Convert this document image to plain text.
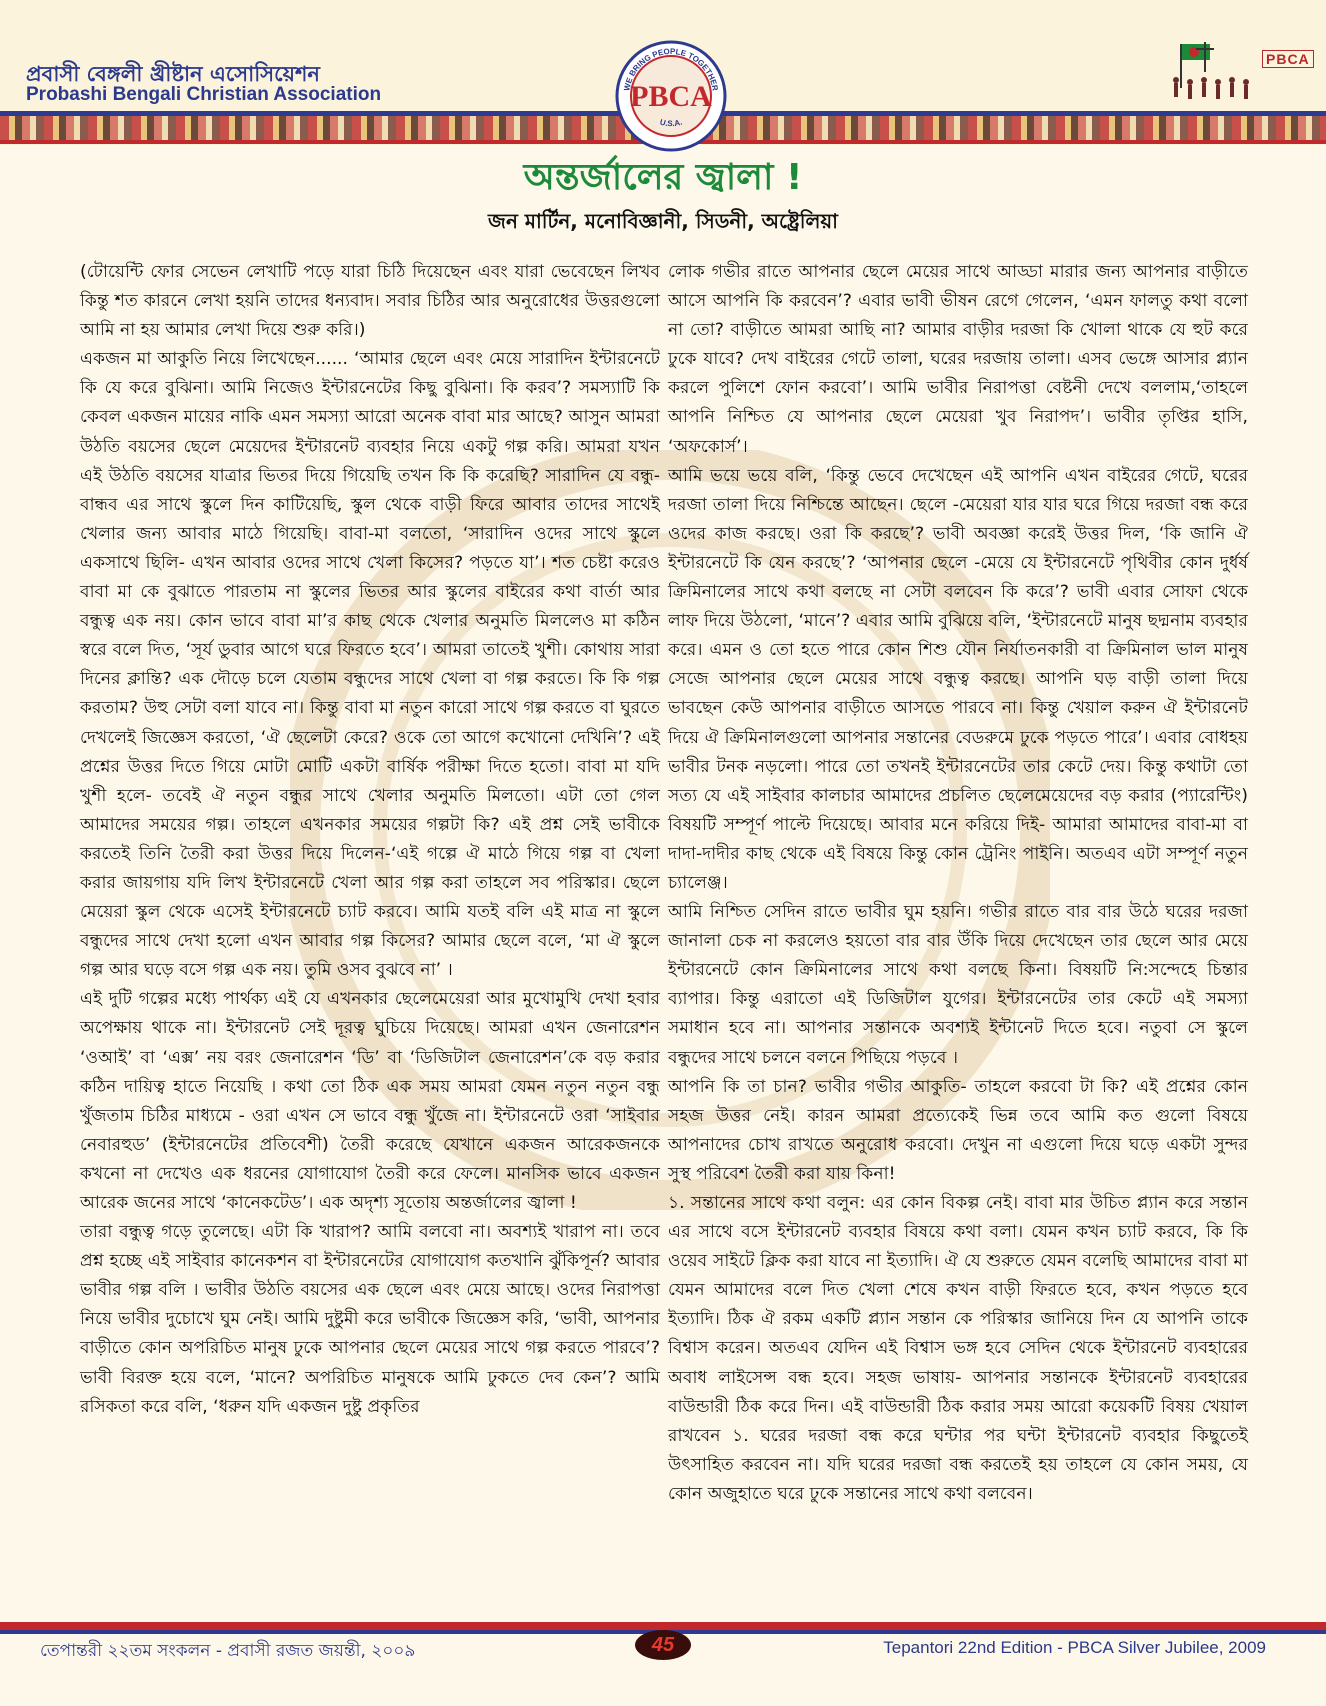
প্রবাসী বেঙ্গলী খ্রীষ্টান এসোসিয়েশন
Probashi Bengali Christian Association	WE BRING PEOPLE TOGETHER
PBCA
U.S.A.
PBCA
অন্তর্জালের জ্বালা !
জন মার্টিন, মনোবিজ্ঞানী, সিডনী, অষ্ট্রেলিয়া

(টোয়েন্টি ফোর সেভেন লেখাটি পড়ে যারা চিঠি দিয়েছেন এবং যারা ভেবেছেন লিখব কিন্তু শত কারনে লেখা হয়নি তাদের ধন্যবাদ। সবার চিঠির আর অনুরোধের উত্তরগুলো আমি না হয় আমার লেখা দিয়ে শুরু করি।)

একজন মা আকুতি নিয়ে লিখেছেন...... ‘আমার ছেলে এবং মেয়ে সারাদিন ইন্টারনেটে কি যে করে বুঝিনা। আমি নিজেও ইন্টারনেটের কিছু বুঝিনা। কি করব’? সমস্যাটি কি কেবল একজন মায়ের নাকি এমন সমস্যা আরো অনেক বাবা মার আছে? আসুন আমরা উঠতি বয়সের ছেলে মেয়েদের ইন্টারনেট ব্যবহার নিয়ে একটু গল্প করি। আমরা যখন এই উঠতি বয়সের যাত্রার ভিতর দিয়ে গিয়েছি তখন কি কি করেছি? সারাদিন যে বন্ধু-বান্ধব এর সাথে স্কুলে দিন কাটিয়েছি, স্কুল থেকে বাড়ী ফিরে আবার তাদের সাথেই খেলার জন্য আবার মাঠে গিয়েছি। বাবা-মা বলতো, ‘সারাদিন ওদের সাথে স্কুলে একসাথে ছিলি- এখন আবার ওদের সাথে খেলা কিসের? পড়তে যা’। শত চেষ্টা করেও বাবা মা কে বুঝাতে পারতাম না স্কুলের ভিতর আর স্কুলের বাইরের কথা বার্তা আর বন্ধুত্ব এক নয়। কোন ভাবে বাবা মা’র কাছ থেকে খেলার অনুমতি মিললেও মা কঠিন স্বরে বলে দিত, ‘সূর্য ডুবার আগে ঘরে ফিরতে হবে’। আমরা তাতেই খুশী। কোথায় সারা দিনের ক্লান্তি? এক দৌড়ে চলে যেতাম বন্ধুদের সাথে খেলা বা গল্প করতে। কি কি গল্প করতাম? উহু সেটা বলা যাবে না। কিন্তু বাবা মা নতুন কারো সাথে গল্প করতে বা ঘুরতে দেখলেই জিজ্ঞেস করতো, ‘ঐ ছেলেটা কেরে? ওকে তো আগে কখোনো দেখিনি’? এই প্রশ্নের উত্তর দিতে গিয়ে মোটা মোটি একটা বার্ষিক পরীক্ষা দিতে হতো। বাবা মা যদি খুশী হলে- তবেই ঐ নতুন বন্ধুর সাথে খেলার অনুমতি মিলতো। এটা তো গেল আমাদের সময়ের গল্প। তাহলে এখনকার সময়ের গল্পটা কি? এই প্রশ্ন সেই ভাবীকে করতেই তিনি তৈরী করা উত্তর দিয়ে দিলেন-‘এই গল্পে ঐ মাঠে গিয়ে গল্প বা খেলা করার জায়গায় যদি লিখ ইন্টারনেটে খেলা আর গল্প করা তাহলে সব পরিস্কার। ছেলে মেয়েরা স্কুল থেকে এসেই ইন্টারনেটে চ্যাট করবে। আমি যতই বলি এই মাত্র না স্কুলে বন্ধুদের সাথে দেখা হলো এখন আবার গল্প কিসের? আমার ছেলে বলে, ‘মা ঐ স্কুলে গল্প আর ঘড়ে বসে গল্প এক নয়। তুমি ওসব বুঝবে না’ ।

এই দুটি গল্পের মধ্যে পার্থক্য এই যে এখনকার ছেলেমেয়েরা আর মুখোমুখি দেখা হবার অপেক্ষায় থাকে না। ইন্টারনেট সেই দূরত্ব ঘুচিয়ে দিয়েছে। আমরা এখন জেনারেশন ‘ওআই’ বা ‘এক্স’ নয় বরং জেনারেশন ‘ডি’ বা ‘ডিজিটাল জেনারেশন’কে বড় করার কঠিন দায়িত্ব হাতে নিয়েছি । কথা তো ঠিক এক সময় আমরা যেমন নতুন নতুন বন্ধু খুঁজতাম চিঠির মাধ্যমে - ওরা এখন সে ভাবে বন্ধু খুঁজে না। ইন্টারনেটে ওরা ‘সাইবার নেবারহুড’ (ইন্টারনেটের প্রতিবেশী) তৈরী করেছে যেখানে একজন আরেকজনকে কখনো না দেখেও এক ধরনের যোগাযোগ তৈরী করে ফেলে। মানসিক ভাবে একজন আরেক জনের সাথে ‘কানেকটেড’। এক অদৃশ্য সূতোয় অন্তর্জালের জ্বালা !

তারা বন্ধুত্ব গড়ে তুলেছে। এটা কি খারাপ? আমি বলবো না। অবশ্যই খারাপ না। তবে প্রশ্ন হচ্ছে এই সাইবার কানেকশন বা ইন্টারনেটের যোগাযোগ কতখানি ঝুঁকিপূর্ন? আবার ভাবীর গল্প বলি । ভাবীর উঠতি বয়সের এক ছেলে এবং মেয়ে আছে। ওদের নিরাপত্তা নিয়ে ভাবীর দুচোখে ঘুম নেই। আমি দুষ্টুমী করে ভাবীকে জিজ্ঞেস করি, ‘ভাবী, আপনার বাড়ীতে কোন অপরিচিত মানুষ ঢুকে আপনার ছেলে মেয়ের সাথে গল্প করতে পারবে’? ভাবী বিরক্ত হয়ে বলে, ‘মানে? অপরিচিত মানুষকে আমি ঢুকতে দেব কেন’? আমি রসিকতা করে বলি, ‘ধরুন যদি একজন দুষ্টু প্রকৃতির

লোক গভীর রাতে আপনার ছেলে মেয়ের সাথে আড্ডা মারার জন্য আপনার বাড়ীতে আসে আপনি কি করবেন’? এবার ভাবী ভীষন রেগে গেলেন, ‘এমন ফালতু কথা বলো না তো? বাড়ীতে আমরা আছি না? আমার বাড়ীর দরজা কি খোলা থাকে যে হুট করে ঢুকে যাবে? দেখ বাইরের গেটে তালা, ঘরের দরজায় তালা। এসব ভেঙ্গে আসার প্ল্যান করলে পুলিশে ফোন করবো’। আমি ভাবীর নিরাপত্তা বেষ্টনী দেখে বললাম,‘তাহলে আপনি নিশ্চিত যে আপনার ছেলে মেয়েরা খুব নিরাপদ’। ভাবীর তৃপ্তির হাসি, ‘অফকোর্স’।

আমি ভয়ে ভয়ে বলি, ‘কিন্তু ভেবে দেখেছেন এই আপনি এখন বাইরের গেটে, ঘরের দরজা তালা দিয়ে নিশ্চিন্তে আছেন। ছেলে -মেয়েরা যার যার ঘরে গিয়ে দরজা বন্ধ করে ওদের কাজ করছে। ওরা কি করছে’? ভাবী অবজ্ঞা করেই উত্তর দিল, ‘কি জানি ঐ ইন্টারনেটে কি যেন করছে’? ‘আপনার ছেলে -মেয়ে যে ইন্টারনেটে পৃথিবীর কোন দুর্ধর্ষ ক্রিমিনালের সাথে কথা বলছে না সেটা বলবেন কি করে’? ভাবী এবার সোফা থেকে লাফ দিয়ে উঠলো, ‘মানে’? এবার আমি বুঝিয়ে বলি, ‘ইন্টারনেটে মানুষ ছদ্মনাম ব্যবহার করে। এমন ও তো হতে পারে কোন শিশু যৌন নির্যাতনকারী বা ক্রিমিনাল ভাল মানুষ সেজে আপনার ছেলে মেয়ের সাথে বন্ধুত্ব করছে। আপনি ঘড় বাড়ী তালা দিয়ে ভাবছেন কেউ আপনার বাড়ীতে আসতে পারবে না। কিন্তু খেয়াল করুন ঐ ইন্টারনেট দিয়ে ঐ ক্রিমিনালগুলো আপনার সন্তানের বেডরুমে ঢুকে পড়তে পারে’। এবার বোধহয় ভাবীর টনক নড়লো। পারে তো তখনই ইন্টারনেটের তার কেটে দেয়। কিন্তু কথাটা তো সত্য যে এই সাইবার কালচার আমাদের প্রচলিত ছেলেমেয়েদের বড় করার (প্যারেন্টিং) বিষয়টি সম্পূর্ণ পাল্টে দিয়েছে। আবার মনে করিয়ে দিই- আমারা আমাদের বাবা-মা বা দাদা-দাদীর কাছ থেকে এই বিষয়ে কিন্তু কোন ট্রেনিং পাইনি। অতএব এটা সম্পূর্ণ নতুন চ্যালেঞ্জ।

আমি নিশ্চিত সেদিন রাতে ভাবীর ঘুম হয়নি। গভীর রাতে বার বার উঠে ঘরের দরজা জানালা চেক না করলেও হয়তো বার বার উঁকি দিয়ে দেখেছেন তার ছেলে আর মেয়ে ইন্টারনেটে কোন ক্রিমিনালের সাথে কথা বলছে কিনা। বিষয়টি নি:সন্দেহে চিন্তার ব্যাপার। কিন্তু এরাতো এই ডিজিটাল যুগের। ইন্টারনেটের তার কেটে এই সমস্যা সমাধান হবে না। আপনার সন্তানকে অবশ্যই ইন্টানেট দিতে হবে। নতুবা সে স্কুলে বন্ধুদের সাথে চলনে বলনে পিছিয়ে পড়বে ।

আপনি কি তা চান? ভাবীর গভীর আকুতি- তাহলে করবো টা কি? এই প্রশ্নের কোন সহজ উত্তর নেই। কারন আমরা প্রত্যেকেই ভিন্ন তবে আমি কত গুলো বিষয়ে আপনাদের চোখ রাখতে অনুরোধ করবো। দেখুন না এগুলো দিয়ে ঘড়ে একটা সুন্দর সুস্থ পরিবেশ তৈরী করা যায় কিনা!

১. সন্তানের সাথে কথা বলুন: এর কোন বিকল্প নেই। বাবা মার উচিত প্ল্যান করে সন্তান এর সাথে বসে ইন্টারনেট ব্যবহার বিষয়ে কথা বলা। যেমন কখন চ্যাট করবে, কি কি ওয়েব সাইটে ক্লিক করা যাবে না ইত্যাদি। ঐ যে শুরুতে যেমন বলেছি আমাদের বাবা মা যেমন আমাদের বলে দিত খেলা শেষে কখন বাড়ী ফিরতে হবে, কখন পড়তে হবে ইত্যাদি। ঠিক ঐ রকম একটি প্ল্যান সন্তান কে পরিস্কার জানিয়ে দিন যে আপনি তাকে বিশ্বাস করেন। অতএব যেদিন এই বিশ্বাস ভঙ্গ হবে সেদিন থেকে ইন্টারনেট ব্যবহারের অবাধ লাইসেন্স বন্ধ হবে। সহজ ভাষায়- আপনার সন্তানকে ইন্টারনেট ব্যবহারের বাউন্ডারী ঠিক করে দিন। এই বাউন্ডারী ঠিক করার সময় আরো কয়েকটি বিষয় খেয়াল রাখবেন ১. ঘরের দরজা বন্ধ করে ঘন্টার পর ঘন্টা ইন্টারনেট ব্যবহার কিছুতেই উৎসাহিত করবেন না। যদি ঘরের দরজা বন্ধ করতেই হয় তাহলে যে কোন সময়, যে কোন অজুহাতে ঘরে ঢুকে সন্তানের সাথে কথা বলবেন।

তেপান্তরী ২২তম সংকলন - প্রবাসী রজত জয়ন্তী, ২০০৯	45	Tepantori 22nd Edition - PBCA Silver Jubilee, 2009
